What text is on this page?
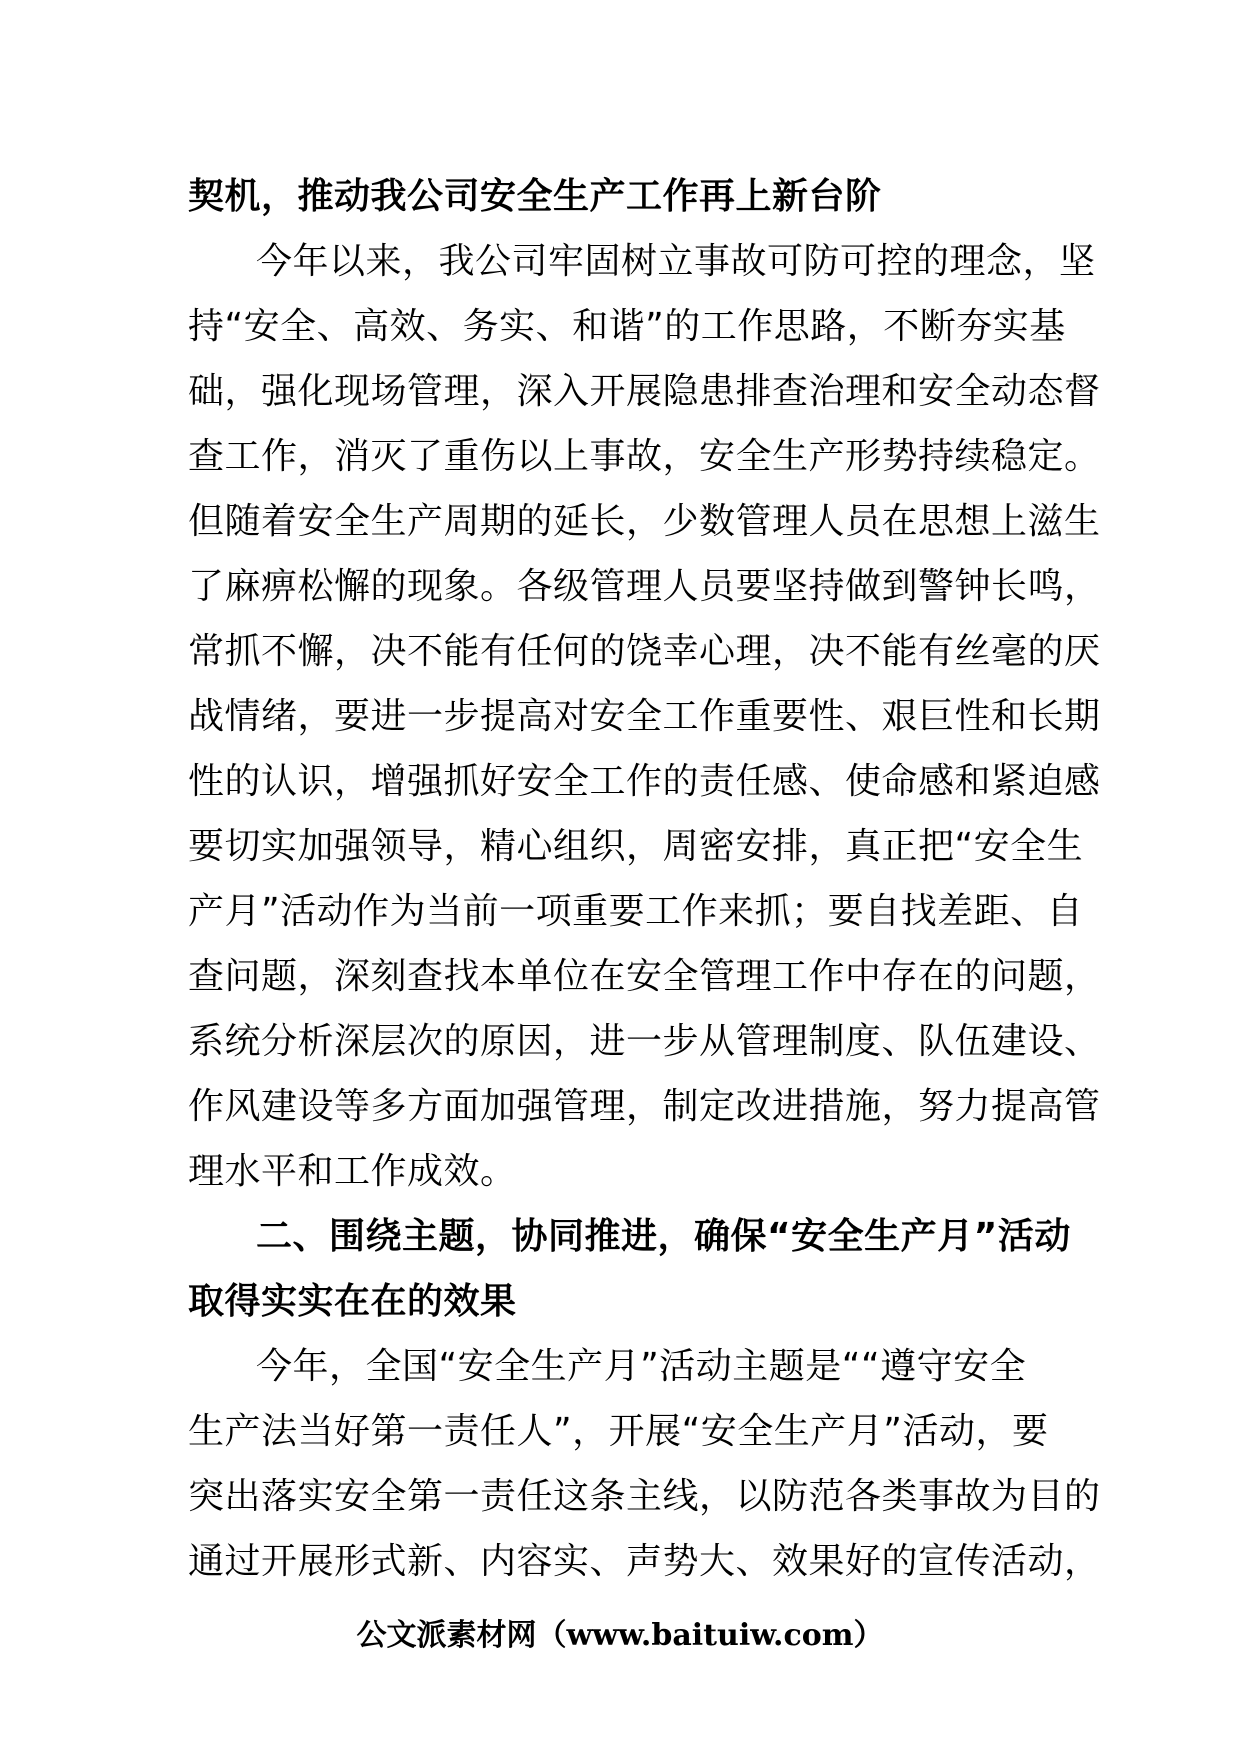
契机，推动我公司安全生产工作再上新台阶
今年以来，我公司牢固树立事故可防可控的理念，坚
持“安全、高效、务实、和谐”的工作思路，不断夯实基
础，强化现场管理，深入开展隐患排查治理和安全动态督
查工作，消灭了重伤以上事故，安全生产形势持续稳定。
但随着安全生产周期的延长，少数管理人员在思想上滋生
了麻痹松懈的现象。各级管理人员要坚持做到警钟长鸣，
常抓不懈，决不能有任何的饶幸心理，决不能有丝毫的厌
战情绪，要进一步提高对安全工作重要性、艰巨性和长期
性的认识，增强抓好安全工作的责任感、使命感和紧迫感
要切实加强领导，精心组织，周密安排，真正把“安全生
产月”活动作为当前一项重要工作来抓；要自找差距、自
查问题，深刻查找本单位在安全管理工作中存在的问题，
系统分析深层次的原因，进一步从管理制度、队伍建设、
作风建设等多方面加强管理，制定改进措施，努力提高管
理水平和工作成效。
二、围绕主题，协同推进，确保“安全生产月”活动
取得实实在在的效果
今年，全国“安全生产月”活动主题是““遵守安全
生产法当好第一责任人”，开展“安全生产月”活动，要
突出落实安全第一责任这条主线，以防范各类事故为目的
通过开展形式新、内容实、声势大、效果好的宣传活动，
公文派素材网（www.baituiw.com）
